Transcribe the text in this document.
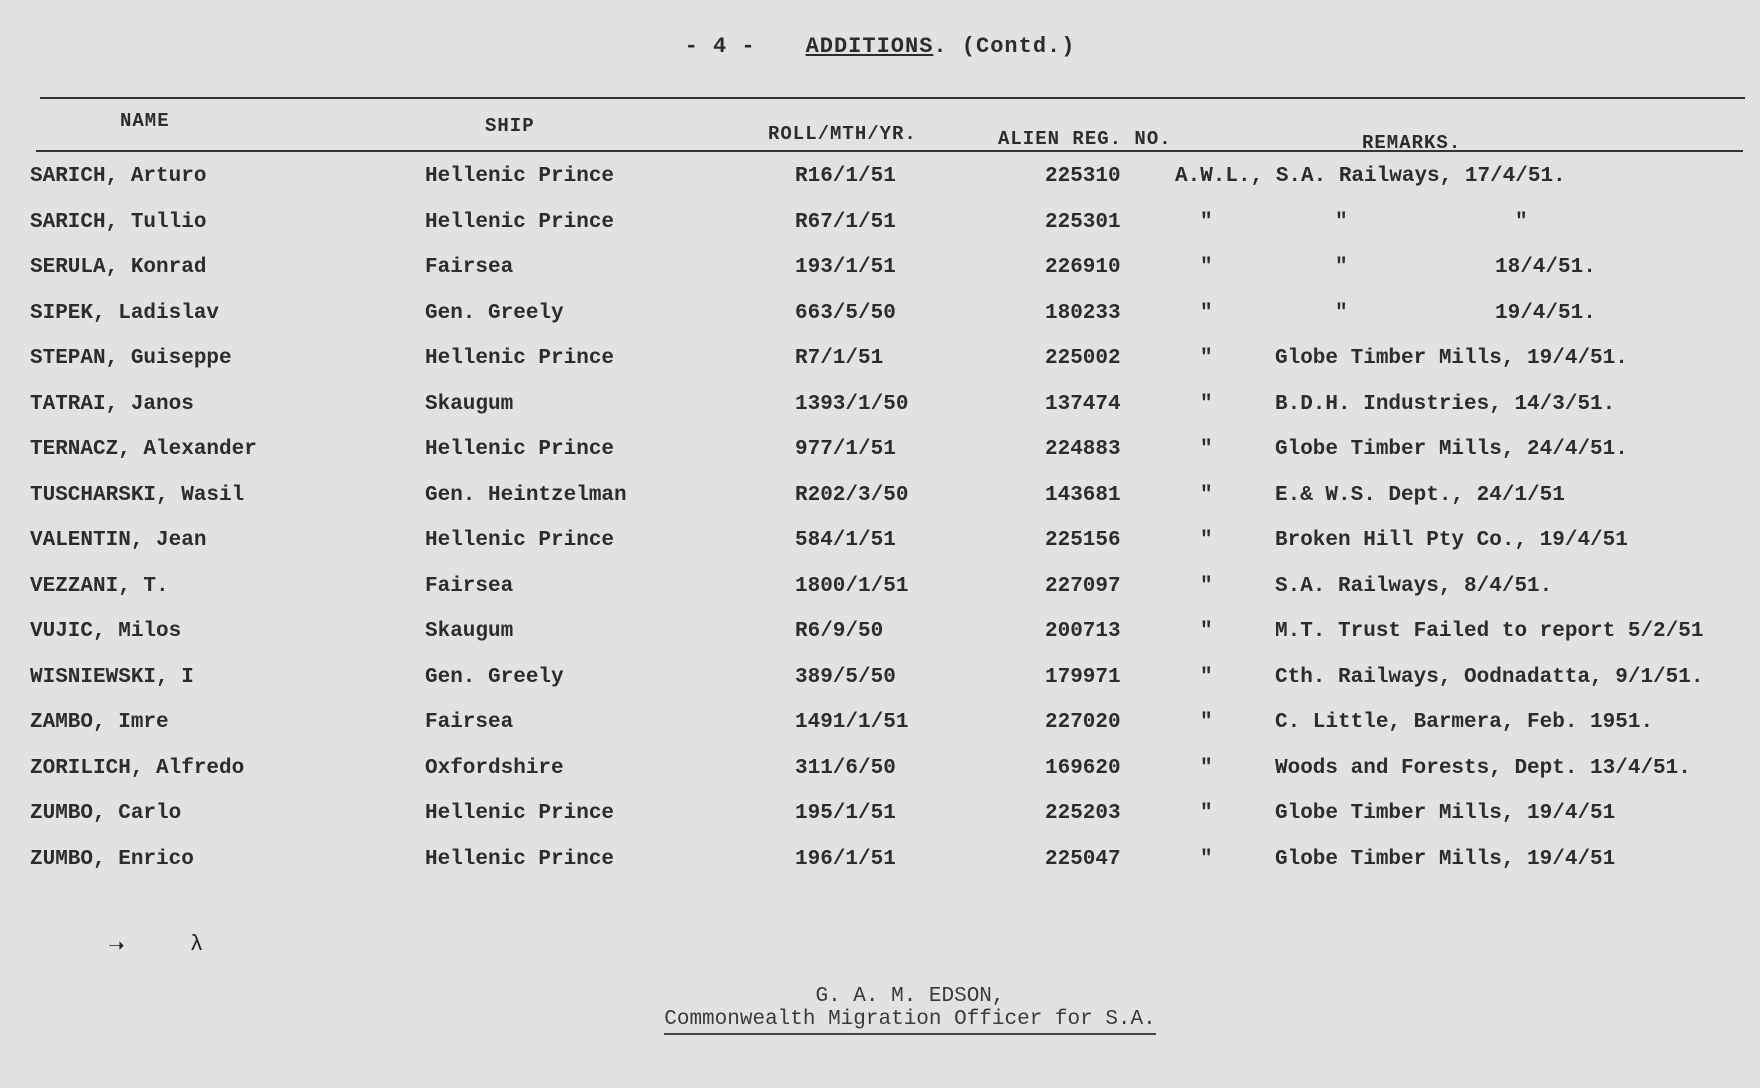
- 4 - ADDITIONS. (Contd.)
NAME	SHIP	ROLL/MTH/YR.	ALIEN REG. NO.	REMARKS.
SARICH, Arturo	Hellenic Prince	R16/1/51	225310	A.W.L., S.A. Railways, 17/4/51.
SARICH, Tullio	Hellenic Prince	R67/1/51	225301	"	"	"
SERULA, Konrad	Fairsea	193/1/51	226910	"	"	18/4/51.
SIPEK, Ladislav	Gen. Greely	663/5/50	180233	"	"	19/4/51.
STEPAN, Guiseppe	Hellenic Prince	R7/1/51	225002	"	Globe Timber Mills, 19/4/51.
TATRAI, Janos	Skaugum	1393/1/50	137474	"	B.D.H. Industries, 14/3/51.
TERNACZ, Alexander	Hellenic Prince	977/1/51	224883	"	Globe Timber Mills, 24/4/51.
TUSCHARSKI, Wasil	Gen. Heintzelman	R202/3/50	143681	"	E.& W.S. Dept., 24/1/51
VALENTIN, Jean	Hellenic Prince	584/1/51	225156	"	Broken Hill Pty Co., 19/4/51
VEZZANI, T.	Fairsea	1800/1/51	227097	"	S.A. Railways, 8/4/51.
VUJIC, Milos	Skaugum	R6/9/50	200713	"	M.T. Trust Failed to report 5/2/51
WISNIEWSKI, I	Gen. Greely	389/5/50	179971	"	Cth. Railways, Oodnadatta, 9/1/51.
ZAMBO, Imre	Fairsea	1491/1/51	227020	"	C. Little, Barmera, Feb. 1951.
ZORILICH, Alfredo	Oxfordshire	311/6/50	169620	"	Woods and Forests, Dept. 13/4/51.
ZUMBO, Carlo	Hellenic Prince	195/1/51	225203	"	Globe Timber Mills, 19/4/51
ZUMBO, Enrico	Hellenic Prince	196/1/51	225047	"	Globe Timber Mills, 19/4/51
➝	λ
G. A. M. EDSON,
Commonwealth Migration Officer for S.A.
